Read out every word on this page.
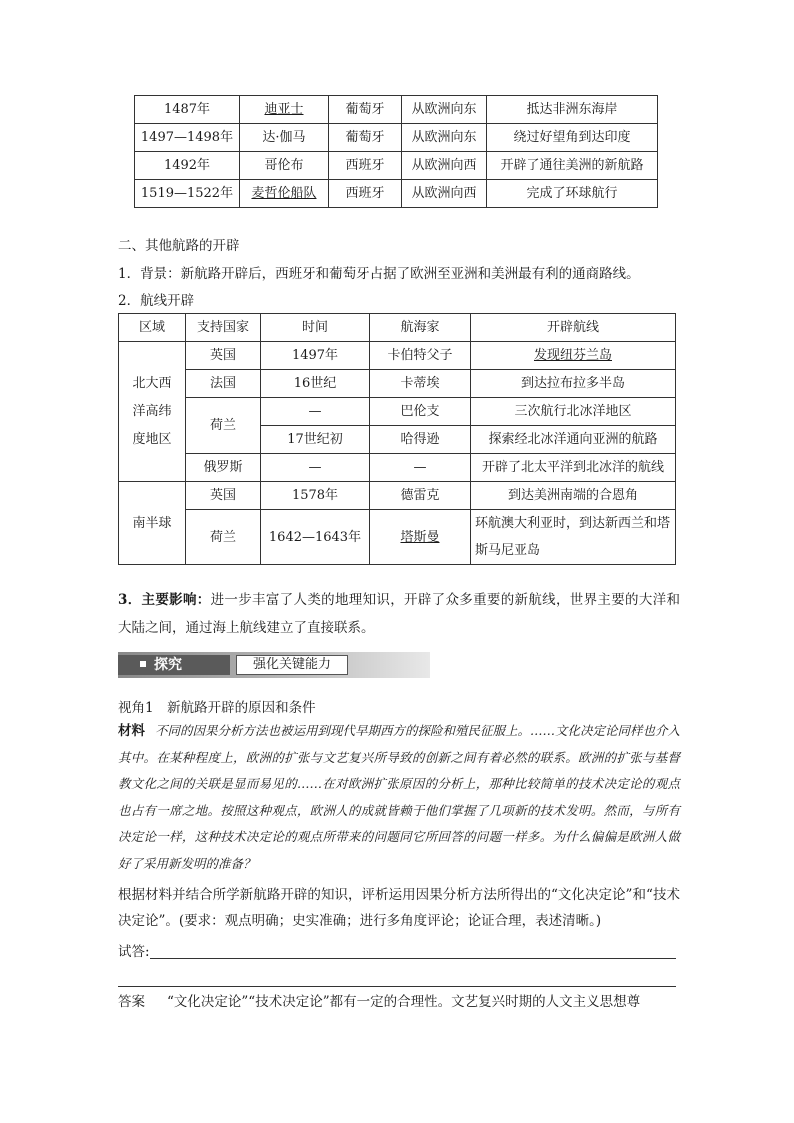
1487年	迪亚士	葡萄牙	从欧洲向东	抵达非洲东海岸
1497—1498年	达·伽马	葡萄牙	从欧洲向东	绕过好望角到达印度
1492年	哥伦布	西班牙	从欧洲向西	开辟了通往美洲的新航路
1519—1522年	麦哲伦船队	西班牙	从欧洲向西	完成了环球航行
二、其他航路的开辟
1．背景：新航路开辟后，西班牙和葡萄牙占据了欧洲至亚洲和美洲最有利的通商路线。
2．航线开辟
区域	支持国家	时间	航海家	开辟航线
北大西洋高纬度地区	英国	1497年	卡伯特父子	发现纽芬兰岛
	法国	16世纪	卡蒂埃	到达拉布拉多半岛
	荷兰	—	巴伦支	三次航行北冰洋地区
		17世纪初	哈得逊	探索经北冰洋通向亚洲的航路
	俄罗斯	—	—	开辟了北太平洋到北冰洋的航线
南半球	英国	1578年	德雷克	到达美洲南端的合恩角
	荷兰	1642—1643年	塔斯曼	环航澳大利亚时，到达新西兰和塔斯马尼亚岛
3．主要影响：进一步丰富了人类的地理知识，开辟了众多重要的新航线，世界主要的大洋和大陆之间，通过海上航线建立了直接联系。
探究	强化关键能力
视角1　新航路开辟的原因和条件
材料 不同的因果分析方法也被运用到现代早期西方的探险和殖民征服上。……文化决定论同样也介入其中。在某种程度上，欧洲的扩张与文艺复兴所导致的创新之间有着必然的联系。欧洲的扩张与基督教文化之间的关联是显而易见的……在对欧洲扩张原因的分析上，那种比较简单的技术决定论的观点也占有一席之地。按照这种观点，欧洲人的成就皆赖于他们掌握了几项新的技术发明。然而，与所有决定论一样，这种技术决定论的观点所带来的问题同它所回答的问题一样多。为什么偏偏是欧洲人做好了采用新发明的准备？
根据材料并结合所学新航路开辟的知识，评析运用因果分析方法所得出的“文化决定论”和“技术决定论”。(要求：观点明确；史实准确；进行多角度评论；论证合理，表述清晰。)
试答:
答案 “文化决定论”“技术决定论”都有一定的合理性。文艺复兴时期的人文主义思想尊
